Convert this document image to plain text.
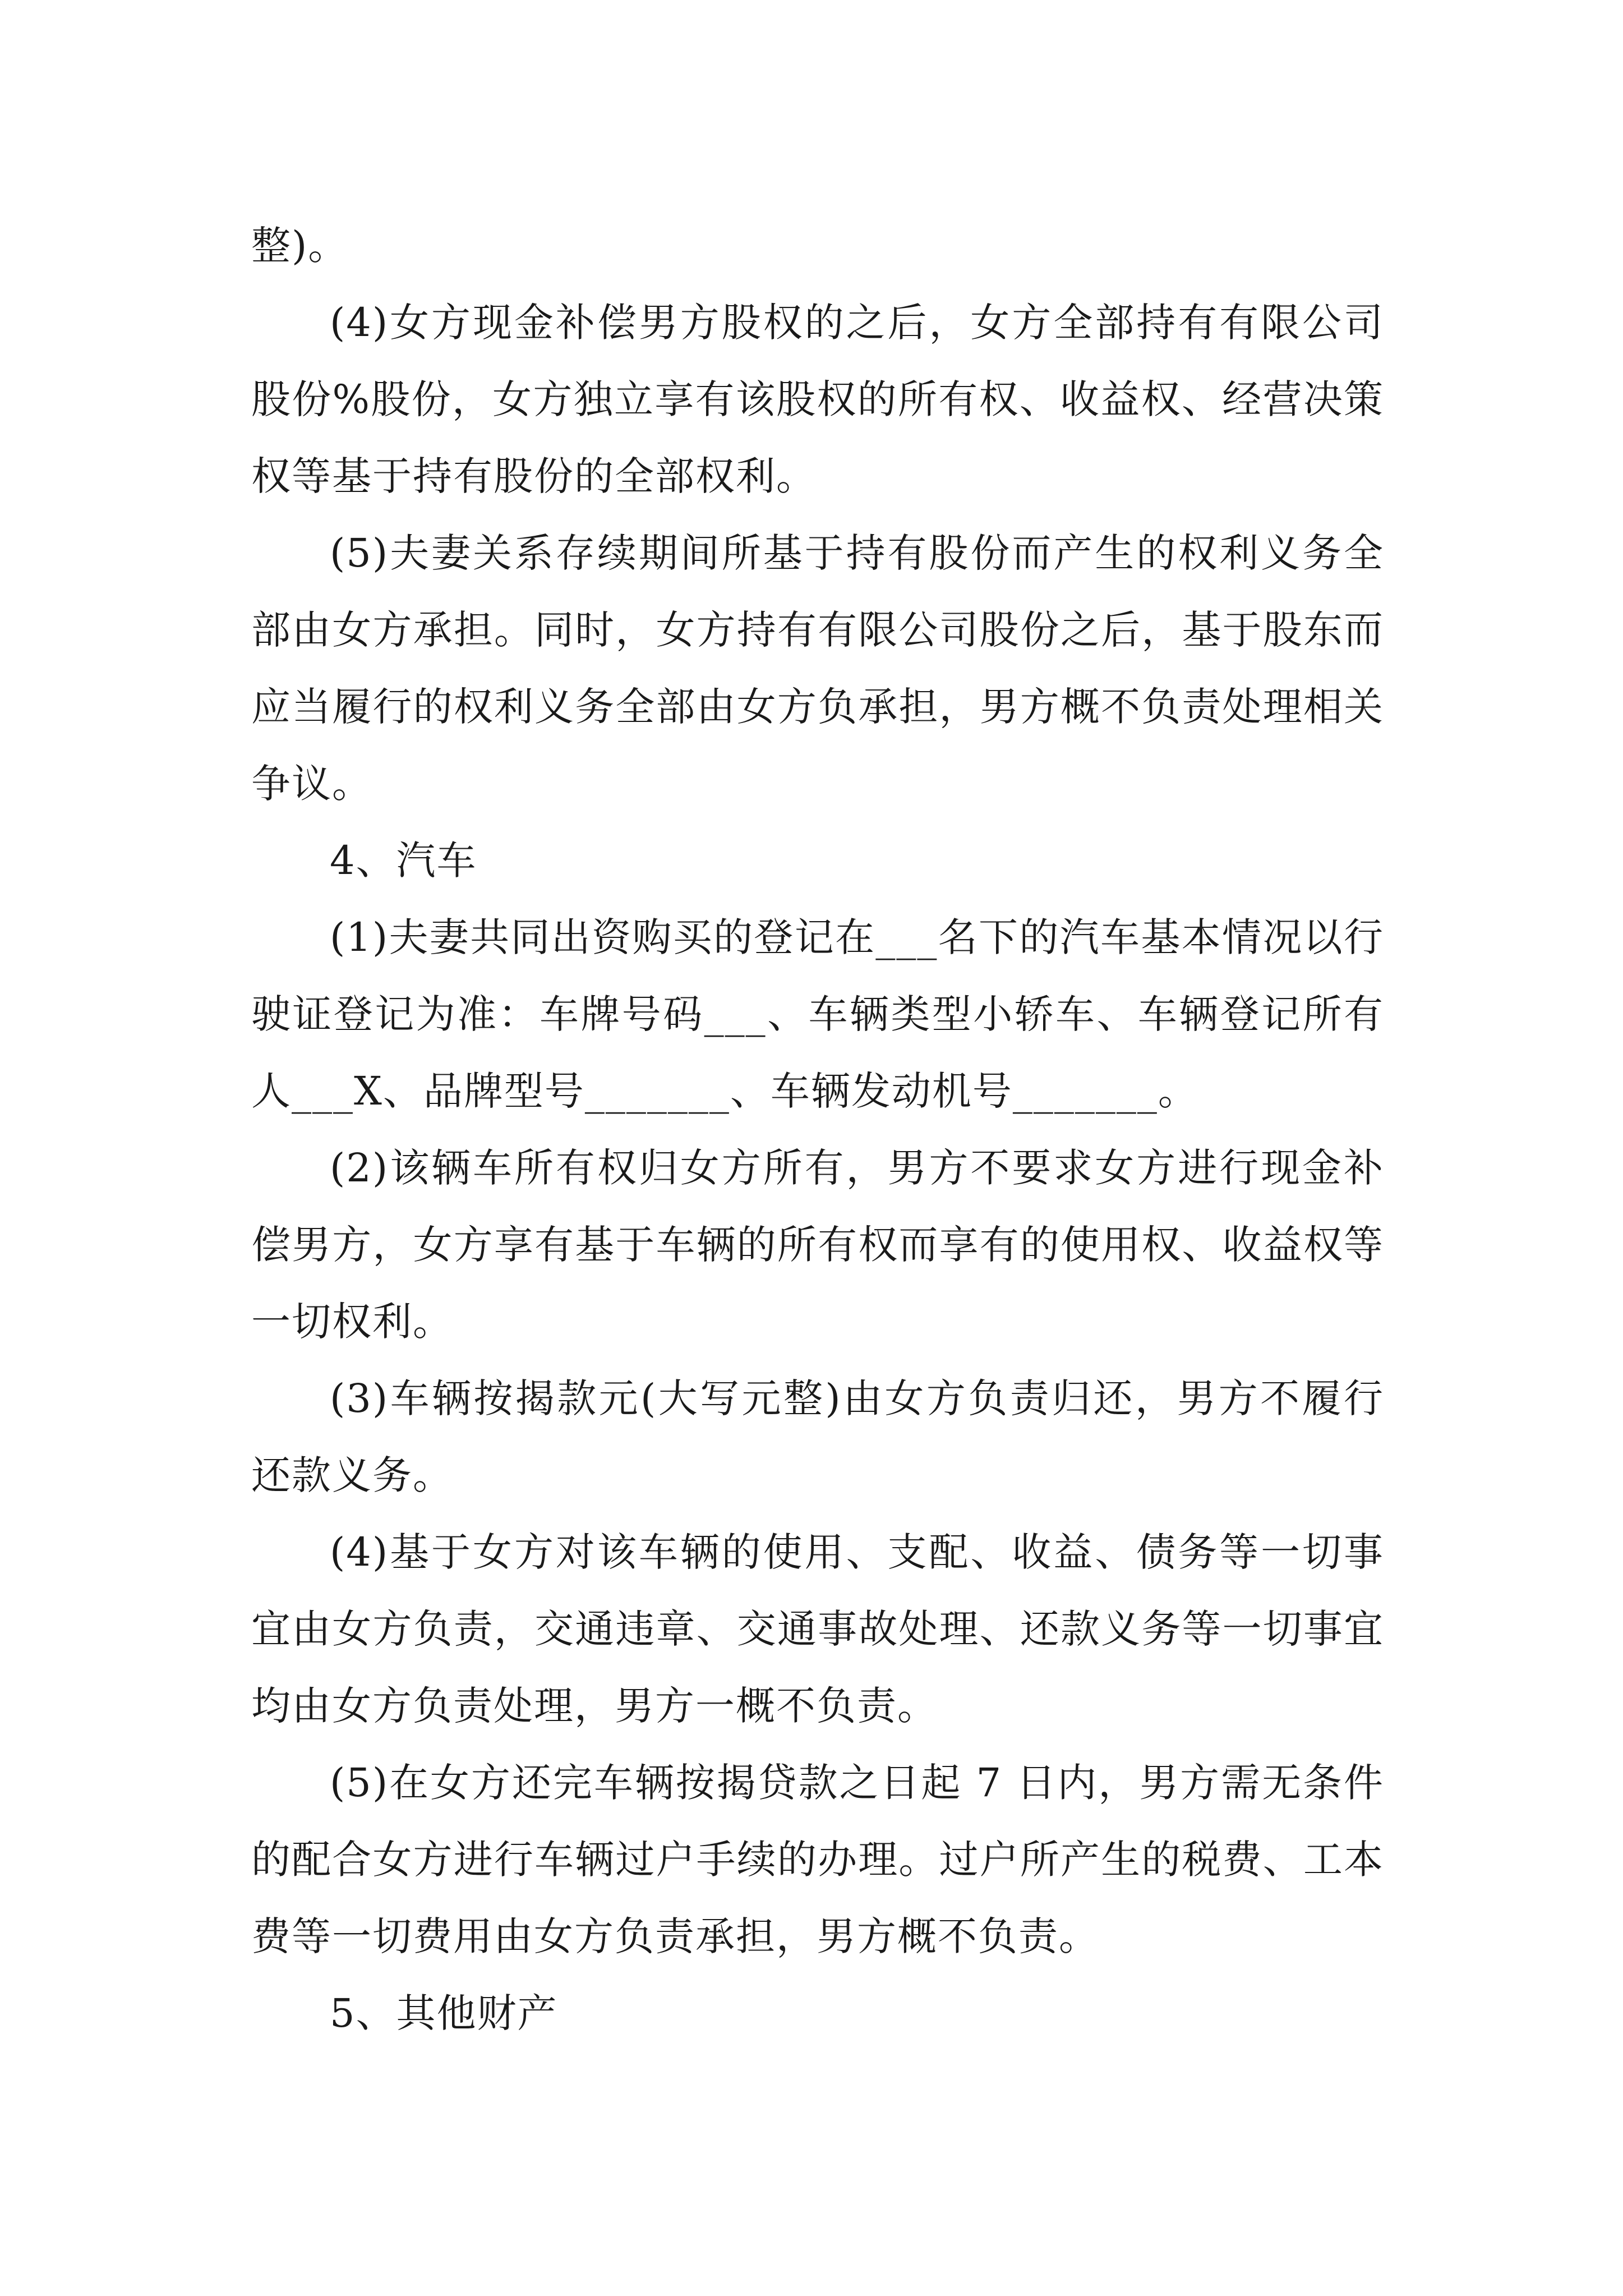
整)。

(4)女方现金补偿男方股权的之后，女方全部持有有限公司股份%股份，女方独立享有该股权的所有权、收益权、经营决策权等基于持有股份的全部权利。

(5)夫妻关系存续期间所基于持有股份而产生的权利义务全部由女方承担。同时，女方持有有限公司股份之后，基于股东而应当履行的权利义务全部由女方负承担，男方概不负责处理相关争议。

4、汽车

(1)夫妻共同出资购买的登记在___名下的汽车基本情况以行驶证登记为准：车牌号码___、车辆类型小轿车、车辆登记所有人___X、品牌型号_______、车辆发动机号_______。

(2)该辆车所有权归女方所有，男方不要求女方进行现金补偿男方，女方享有基于车辆的所有权而享有的使用权、收益权等一切权利。

(3)车辆按揭款元(大写元整)由女方负责归还，男方不履行还款义务。

(4)基于女方对该车辆的使用、支配、收益、债务等一切事宜由女方负责，交通违章、交通事故处理、还款义务等一切事宜均由女方负责处理，男方一概不负责。

(5)在女方还完车辆按揭贷款之日起 7 日内，男方需无条件的配合女方进行车辆过户手续的办理。过户所产生的税费、工本费等一切费用由女方负责承担，男方概不负责。

5、其他财产
